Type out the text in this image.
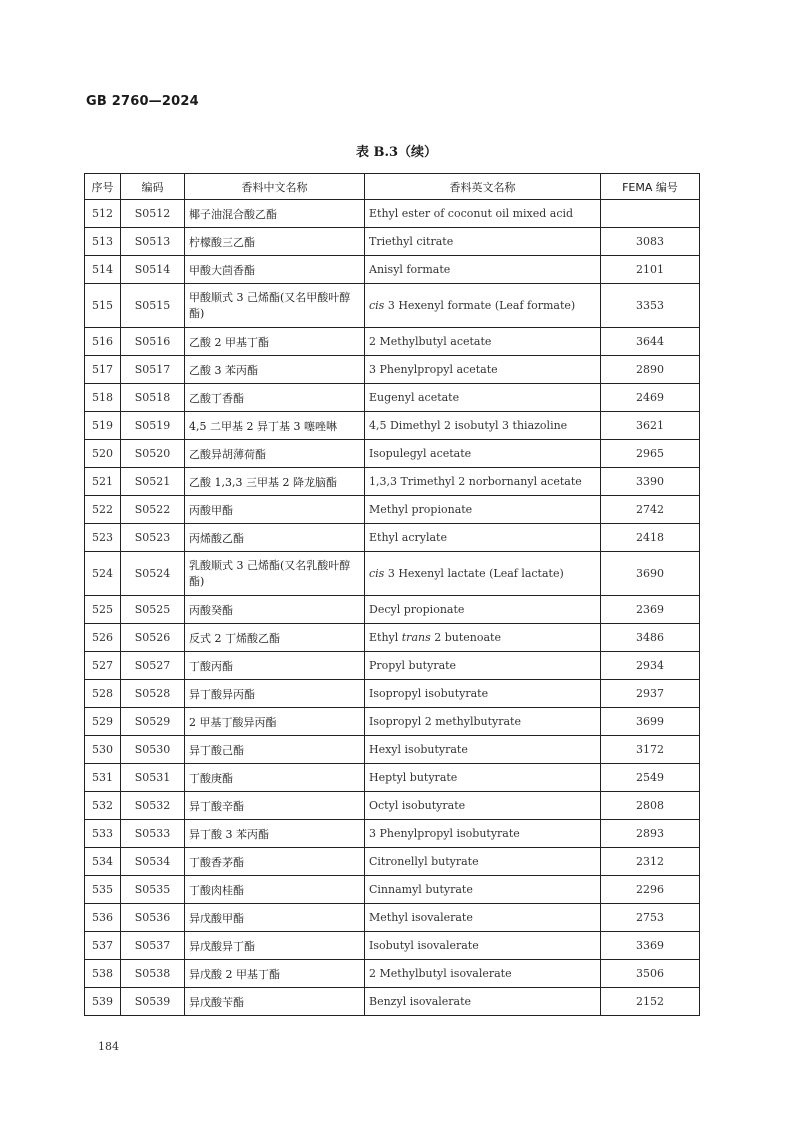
GB 2760—2024
表 B.3（续）
序号	编码	香料中文名称	香料英文名称	FEMA 编号
512	S0512	椰子油混合酸乙酯	Ethyl ester of coconut oil mixed acid	
513	S0513	柠檬酸三乙酯	Triethyl citrate	3083
514	S0514	甲酸大茴香酯	Anisyl formate	2101
515	S0515	甲酸顺式 3 己烯酯(又名甲酸叶醇酯)	cis 3 Hexenyl formate (Leaf formate)	3353
516	S0516	乙酸 2 甲基丁酯	2 Methylbutyl acetate	3644
517	S0517	乙酸 3 苯丙酯	3 Phenylpropyl acetate	2890
518	S0518	乙酸丁香酯	Eugenyl acetate	2469
519	S0519	4,5 二甲基 2 异丁基 3 噻唑啉	4,5 Dimethyl 2 isobutyl 3 thiazoline	3621
520	S0520	乙酸异胡薄荷酯	Isopulegyl acetate	2965
521	S0521	乙酸 1,3,3 三甲基 2 降龙脑酯	1,3,3 Trimethyl 2 norbornanyl acetate	3390
522	S0522	丙酸甲酯	Methyl propionate	2742
523	S0523	丙烯酸乙酯	Ethyl acrylate	2418
524	S0524	乳酸顺式 3 己烯酯(又名乳酸叶醇酯)	cis 3 Hexenyl lactate (Leaf lactate)	3690
525	S0525	丙酸癸酯	Decyl propionate	2369
526	S0526	反式 2 丁烯酸乙酯	Ethyl trans 2 butenoate	3486
527	S0527	丁酸丙酯	Propyl butyrate	2934
528	S0528	异丁酸异丙酯	Isopropyl isobutyrate	2937
529	S0529	2 甲基丁酸异丙酯	Isopropyl 2 methylbutyrate	3699
530	S0530	异丁酸己酯	Hexyl isobutyrate	3172
531	S0531	丁酸庚酯	Heptyl butyrate	2549
532	S0532	异丁酸辛酯	Octyl isobutyrate	2808
533	S0533	异丁酸 3 苯丙酯	3 Phenylpropyl isobutyrate	2893
534	S0534	丁酸香茅酯	Citronellyl butyrate	2312
535	S0535	丁酸肉桂酯	Cinnamyl butyrate	2296
536	S0536	异戊酸甲酯	Methyl isovalerate	2753
537	S0537	异戊酸异丁酯	Isobutyl isovalerate	3369
538	S0538	异戊酸 2 甲基丁酯	2 Methylbutyl isovalerate	3506
539	S0539	异戊酸苄酯	Benzyl isovalerate	2152
184
